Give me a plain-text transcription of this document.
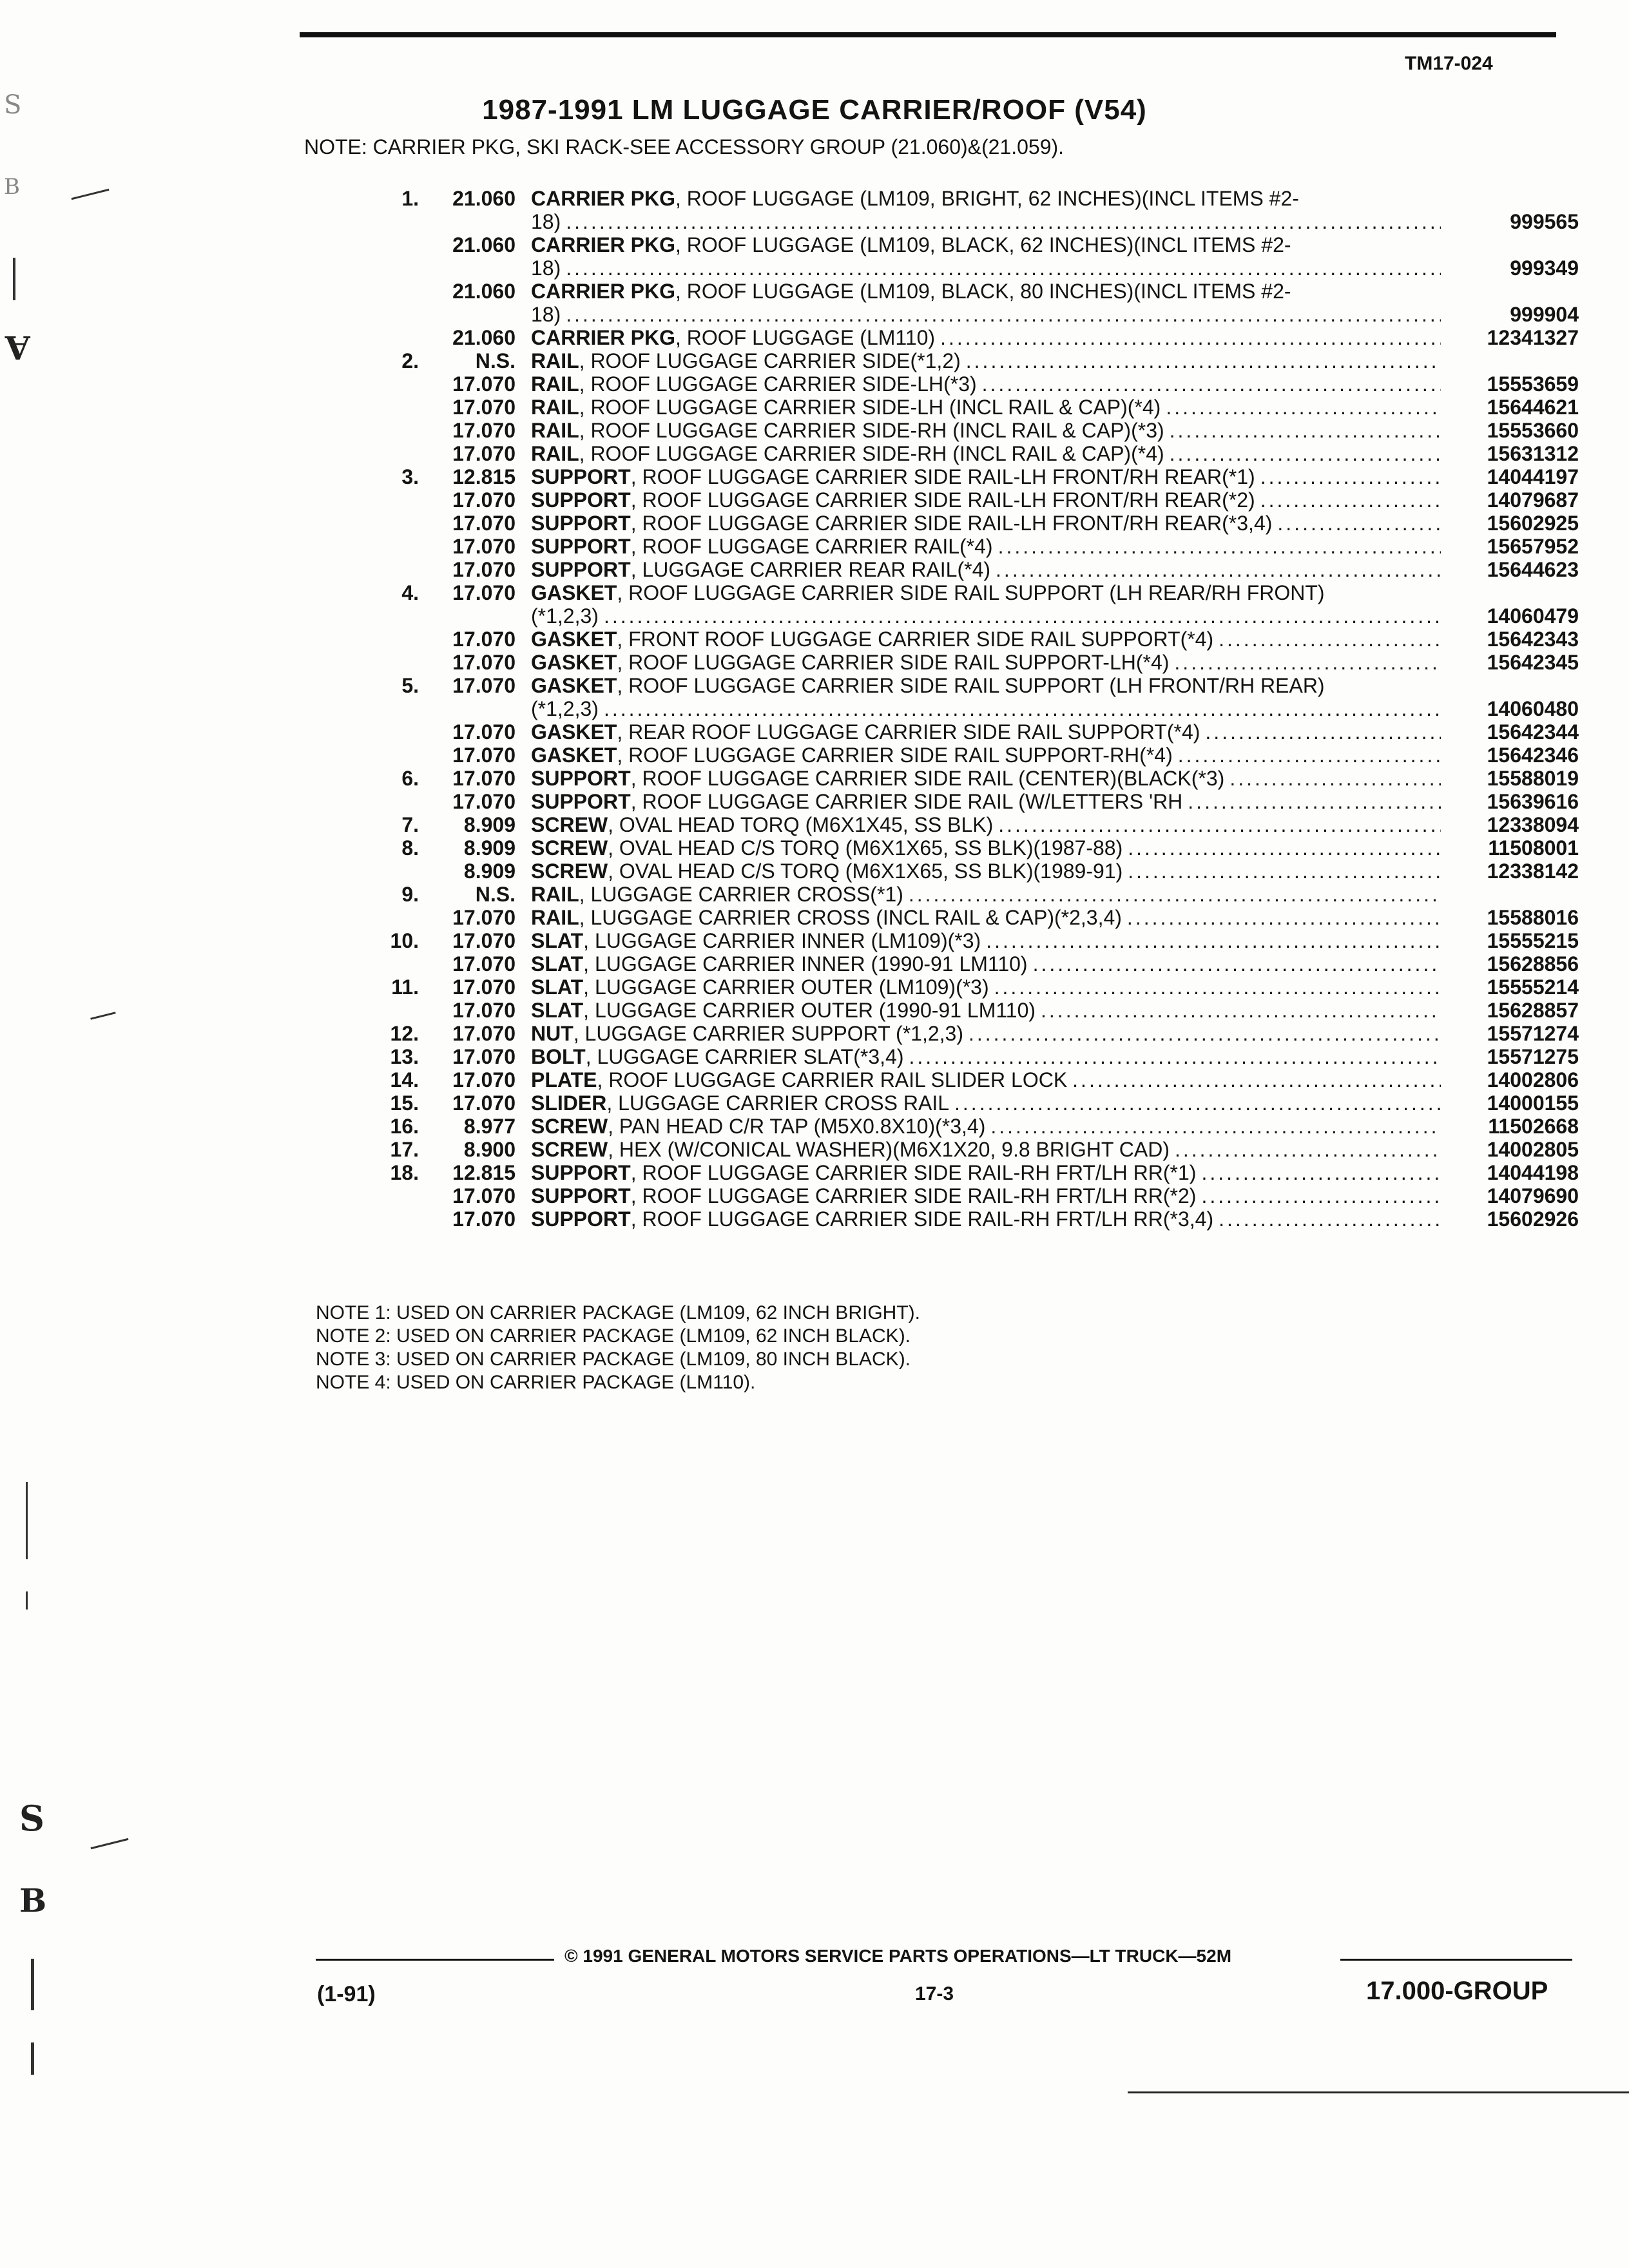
TM17-024
1987-1991 LM LUGGAGE CARRIER/ROOF (V54)
NOTE: CARRIER PKG, SKI RACK-SEE ACCESSORY GROUP (21.060)&(21.059).
1.	21.060 CARRIER PKG, ROOF LUGGAGE (LM109, BRIGHT, 62 INCHES)(INCL ITEMS #2-
18) .....	999565
21.060 CARRIER PKG, ROOF LUGGAGE (LM109, BLACK, 62 INCHES)(INCL ITEMS #2-
18) .....	999349
21.060 CARRIER PKG, ROOF LUGGAGE (LM109, BLACK, 80 INCHES)(INCL ITEMS #2-
18) .....	999904
21.060 CARRIER PKG, ROOF LUGGAGE (LM110) .....	12341327
2.	N.S. RAIL, ROOF LUGGAGE CARRIER SIDE(*1,2)
.....
17.070 RAIL, ROOF LUGGAGE CARRIER SIDE-LH(*3) .....	15553659
17.070 RAIL, ROOF LUGGAGE CARRIER SIDE-LH (INCL RAIL & CAP)(*4) .....	15644621
17.070 RAIL, ROOF LUGGAGE CARRIER SIDE-RH (INCL RAIL & CAP)(*3) .....	15553660
17.070 RAIL, ROOF LUGGAGE CARRIER SIDE-RH (INCL RAIL & CAP)(*4) .....	15631312
3.	12.815 SUPPORT, ROOF LUGGAGE CARRIER SIDE RAIL-LH FRONT/RH REAR(*1) .....	14044197
17.070 SUPPORT, ROOF LUGGAGE CARRIER SIDE RAIL-LH FRONT/RH REAR(*2) .....	14079687
17.070 SUPPORT, ROOF LUGGAGE CARRIER SIDE RAIL-LH FRONT/RH REAR(*3,4) .....	15602925
17.070 SUPPORT, ROOF LUGGAGE CARRIER RAIL(*4) .....	15657952
17.070 SUPPORT, LUGGAGE CARRIER REAR RAIL(*4) .....	15644623
4.	17.070 GASKET, ROOF LUGGAGE CARRIER SIDE RAIL SUPPORT (LH REAR/RH FRONT)
(*1,2,3) .....	14060479
17.070 GASKET, FRONT ROOF LUGGAGE CARRIER SIDE RAIL SUPPORT(*4) .....	15642343
17.070 GASKET, ROOF LUGGAGE CARRIER SIDE RAIL SUPPORT-LH(*4) .....	15642345
5.	17.070 GASKET, ROOF LUGGAGE CARRIER SIDE RAIL SUPPORT (LH FRONT/RH REAR)
(*1,2,3) .....	14060480
17.070 GASKET, REAR ROOF LUGGAGE CARRIER SIDE RAIL SUPPORT(*4) .....	15642344
17.070 GASKET, ROOF LUGGAGE CARRIER SIDE RAIL SUPPORT-RH(*4) .....	15642346
6.	17.070 SUPPORT, ROOF LUGGAGE CARRIER SIDE RAIL (CENTER)(BLACK(*3) .....	15588019
17.070 SUPPORT, ROOF LUGGAGE CARRIER SIDE RAIL (W/LETTERS 'RH .....	15639616
7.	8.909 SCREW, OVAL HEAD TORQ (M6X1X45, SS BLK) .....	12338094
8.	8.909 SCREW, OVAL HEAD C/S TORQ (M6X1X65, SS BLK)(1987-88) .....	11508001
8.909 SCREW, OVAL HEAD C/S TORQ (M6X1X65, SS BLK)(1989-91) .....	12338142
9.	N.S. RAIL, LUGGAGE CARRIER CROSS(*1)
.....
17.070 RAIL, LUGGAGE CARRIER CROSS (INCL RAIL & CAP)(*2,3,4) .....	15588016
10.	17.070 SLAT, LUGGAGE CARRIER INNER (LM109)(*3) .....	15555215
17.070 SLAT, LUGGAGE CARRIER INNER (1990-91 LM110) .....	15628856
11.	17.070 SLAT, LUGGAGE CARRIER OUTER (LM109)(*3) .....	15555214
17.070 SLAT, LUGGAGE CARRIER OUTER (1990-91 LM110) .....	15628857
12.	17.070 NUT, LUGGAGE CARRIER SUPPORT (*1,2,3) .....	15571274
13.	17.070 BOLT, LUGGAGE CARRIER SLAT(*3,4) .....	15571275
14.	17.070 PLATE, ROOF LUGGAGE CARRIER RAIL SLIDER LOCK .....	14002806
15.	17.070 SLIDER, LUGGAGE CARRIER CROSS RAIL .....	14000155
16.	8.977 SCREW, PAN HEAD C/R TAP (M5X0.8X10)(*3,4) .....	11502668
17.	8.900 SCREW, HEX (W/CONICAL WASHER)(M6X1X20, 9.8 BRIGHT CAD) .....	14002805
18.	12.815 SUPPORT, ROOF LUGGAGE CARRIER SIDE RAIL-RH FRT/LH RR(*1) .....	14044198
17.070 SUPPORT, ROOF LUGGAGE CARRIER SIDE RAIL-RH FRT/LH RR(*2) .....	14079690
17.070 SUPPORT, ROOF LUGGAGE CARRIER SIDE RAIL-RH FRT/LH RR(*3,4) .....	15602926
NOTE 1: USED ON CARRIER PACKAGE (LM109, 62 INCH BRIGHT).
NOTE 2: USED ON CARRIER PACKAGE (LM109, 62 INCH BLACK).
NOTE 3: USED ON CARRIER PACKAGE (LM109, 80 INCH BLACK).
NOTE 4: USED ON CARRIER PACKAGE (LM110).
© 1991 GENERAL MOTORS SERVICE PARTS OPERATIONS—LT TRUCK—52M
(1-91)	17-3	17.000-GROUP
S
B
A
S
B
